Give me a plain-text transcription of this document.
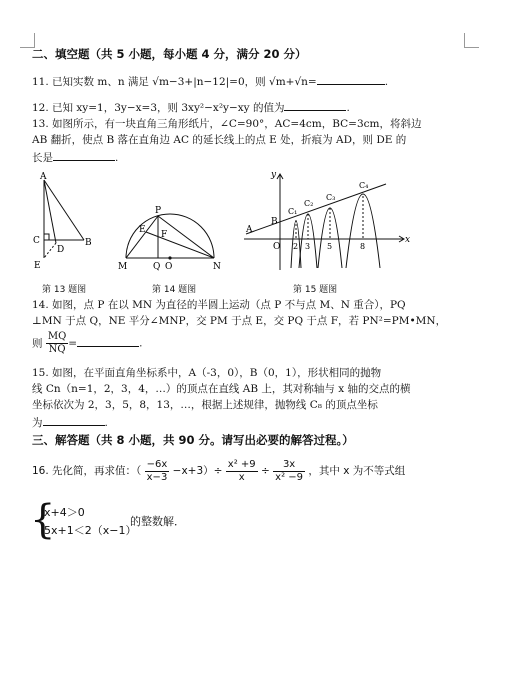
二、填空题（共 5 小题，每小题 4 分，满分 20 分）
11. 已知实数 m、n 满足 √m−3+|n−12|=0，则 √m+√n=	.
12. 已知 xy=1，3y−x=3，则 3xy²−x²y−xy 的值为	.
13. 如图所示，有一块直角三角形纸片，∠C=90°，AC=4cm，BC=3cm，将斜边
AB 翻折，使点 B 落在直角边 AC 的延长线上的点 E 处，折痕为 AD，则 DE 的
长是	.
A
C
D
B
E
P
E F
M	Q O	N
y
x
A
B
O 2 3 5	8
C₁
C₂
C₃
C₄
第 13 题图	第 14 题图	第 15 题图
14. 如图，点 P 在以 MN 为直径的半圆上运动（点 P 不与点 M、N 重合），PQ
⊥MN 于点 Q，NE 平分∠MNP，交 PM 于点 E，交 PQ 于点 F，若 PN²=PM•MN，
则 $\frac{MQ}{NQ}$ =	.
15. 如图，在平面直角坐标系中，A（-3，0），B（0，1），形状相同的抛物
线 Cn（n=1，2，3，4，…）的顶点在直线 AB 上，其对称轴与 x 轴的交点的横
坐标依次为 2，3，5，8，13，…，根据上述规律，抛物线 C₈ 的顶点坐标
为	.
三、解答题（共 8 小题，共 90 分。请写出必要的解答过程。）
16. 先化简，再求值：（ $\frac{-6x}{x-3} -x+3)\div \frac{\text{x² +9}}{x} \div \frac{3x}{\text{x² −9}}$ ，其中 x 为不等式组
{
x+4＞0
5x+1＜2（x−1）
的整数解．
